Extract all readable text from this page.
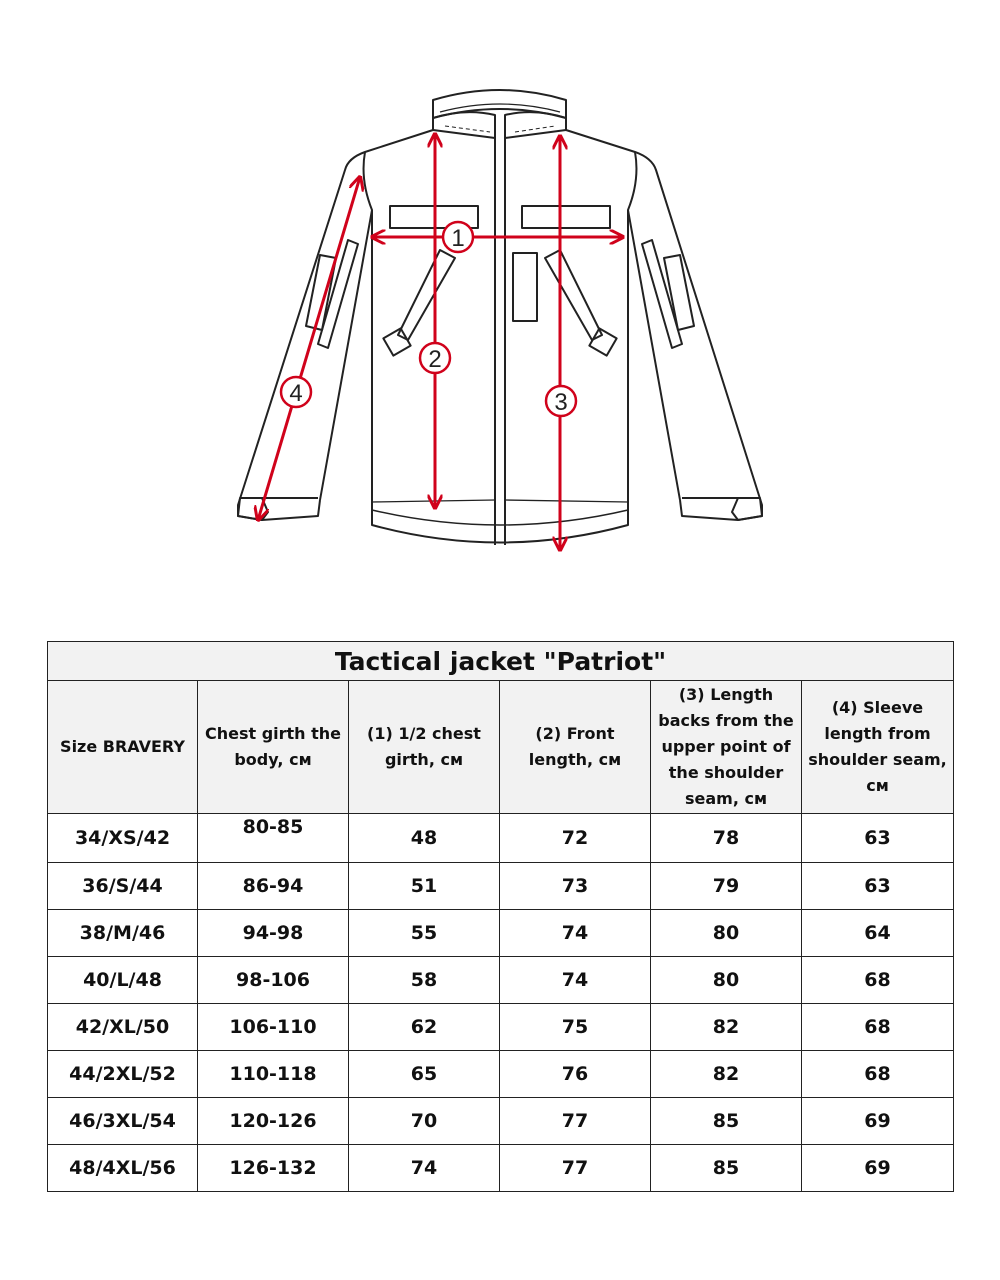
1
2
3
4
Tactical jacket "Patriot"					
Size BRAVERY	Chest girth the body, см	(1) 1/2 chest girth, см	(2) Front length, см	(3) Length backs from the upper point of the shoulder seam, см	(4) Sleeve length from shoulder seam, см
34/XS/42	80-85	48	72	78	63
36/S/44	86-94	51	73	79	63
38/M/46	94-98	55	74	80	64
40/L/48	98-106	58	74	80	68
42/XL/50	106-110	62	75	82	68
44/2XL/52	110-118	65	76	82	68
46/3XL/54	120-126	70	77	85	69
48/4XL/56	126-132	74	77	85	69
